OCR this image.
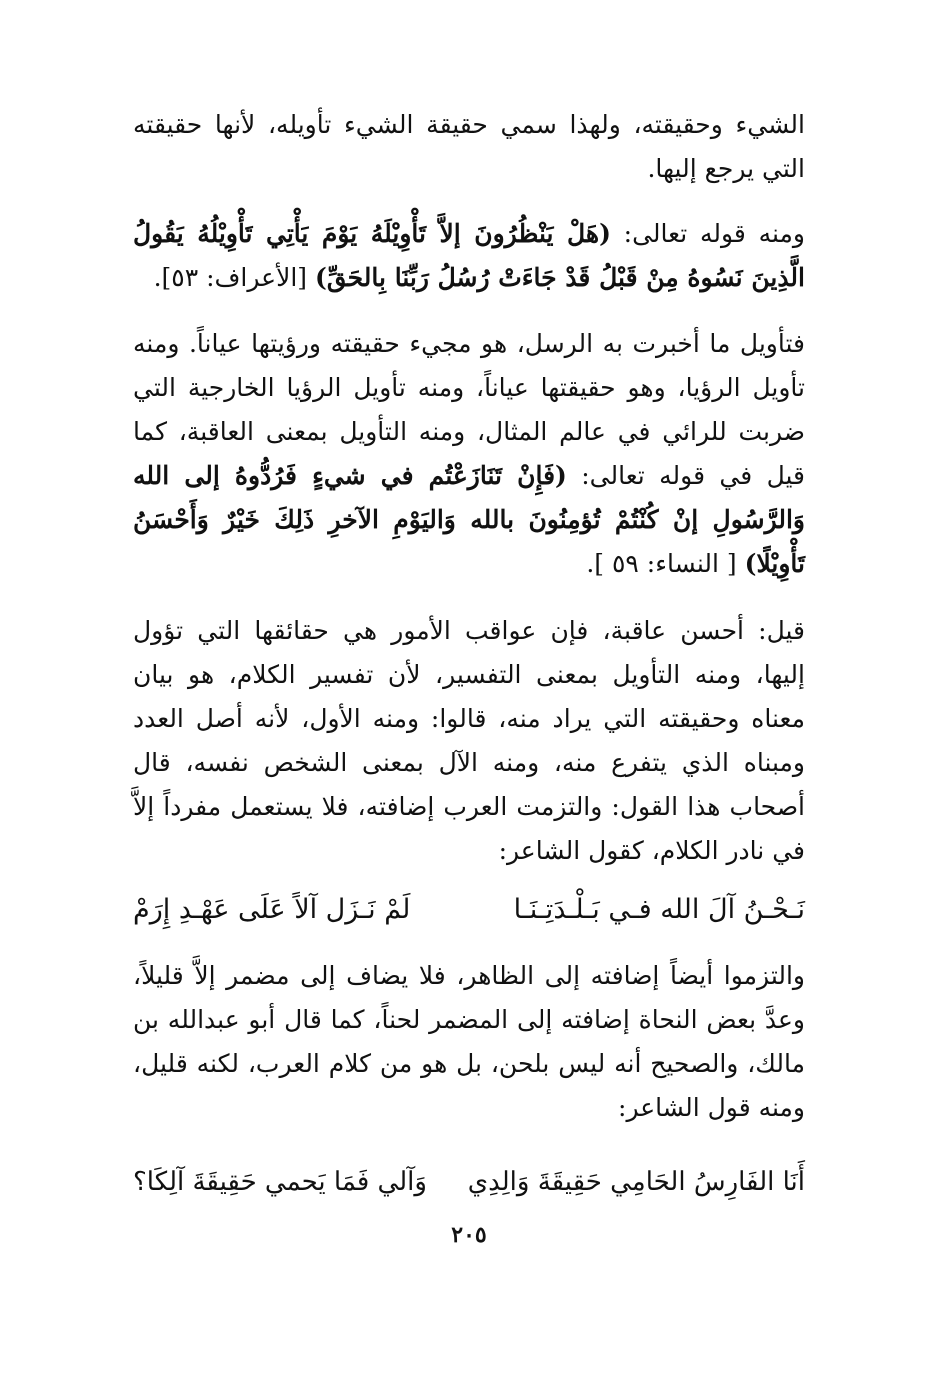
الشيء وحقيقته، ولهذا سمي حقيقة الشيء تأويله، لأنها حقيقته التي يرجع إليها.

ومنه قوله تعالى: (هَلْ يَنْظُرُونَ إلاَّ تَأْوِيْلَهُ يَوْمَ يَأْتِي تَأْوِيْلُهُ يَقُولُ الَّذِينَ نَسُوهُ مِنْ قَبْلُ قَدْ جَاءَتْ رُسُلُ رَبِّنَا بِالحَقِّ) [الأعراف: ٥٣].

فتأويل ما أخبرت به الرسل، هو مجيء حقيقته ورؤيتها عياناً. ومنه تأويل الرؤيا، وهو حقيقتها عياناً، ومنه تأويل الرؤيا الخارجية التي ضربت للرائي في عالم المثال، ومنه التأويل بمعنى العاقبة، كما قيل في قوله تعالى: (فَإِنْ تَنَازَعْتُم في شيءٍ فَرُدُّوهُ إلى الله وَالرَّسُولِ إنْ كُنْتُمْ تُؤمِنُونَ بالله وَاليَوْمِ الآخرِ ذَلِكَ خَيْرٌ وَأَحْسَنُ تَأْوِيْلًا) [ النساء: ٥٩ ].

قيل: أحسن عاقبة، فإن عواقب الأمور هي حقائقها التي تؤول إليها، ومنه التأويل بمعنى التفسير، لأن تفسير الكلام، هو بيان معناه وحقيقته التي يراد منه، قالوا: ومنه الأول، لأنه أصل العدد ومبناه الذي يتفرع منه، ومنه الآل بمعنى الشخص نفسه، قال أصحاب هذا القول: والتزمت العرب إضافته، فلا يستعمل مفرداً إلاَّ في نادر الكلام، كقول الشاعر:

نَـحْـنُ آلَ الله فـي بَـلْـدَتِـنَـا
لَمْ نَـزَل آلاً عَلَى عَهْـدِ إِرَمْ

والتزموا أيضاً إضافته إلى الظاهر، فلا يضاف إلى مضمر إلاَّ قليلاً، وعدَّ بعض النحاة إضافته إلى المضمر لحناً، كما قال أبو عبدالله بن مالك، والصحيح أنه ليس بلحن، بل هو من كلام العرب، لكنه قليل، ومنه قول الشاعر:

أَنَا الفَارِسُ الحَامِي حَقِيقَةَ وَالِدِي
وَآلي فَمَا يَحمي حَقِيقَةَ آلِكَا؟
٢٠٥
